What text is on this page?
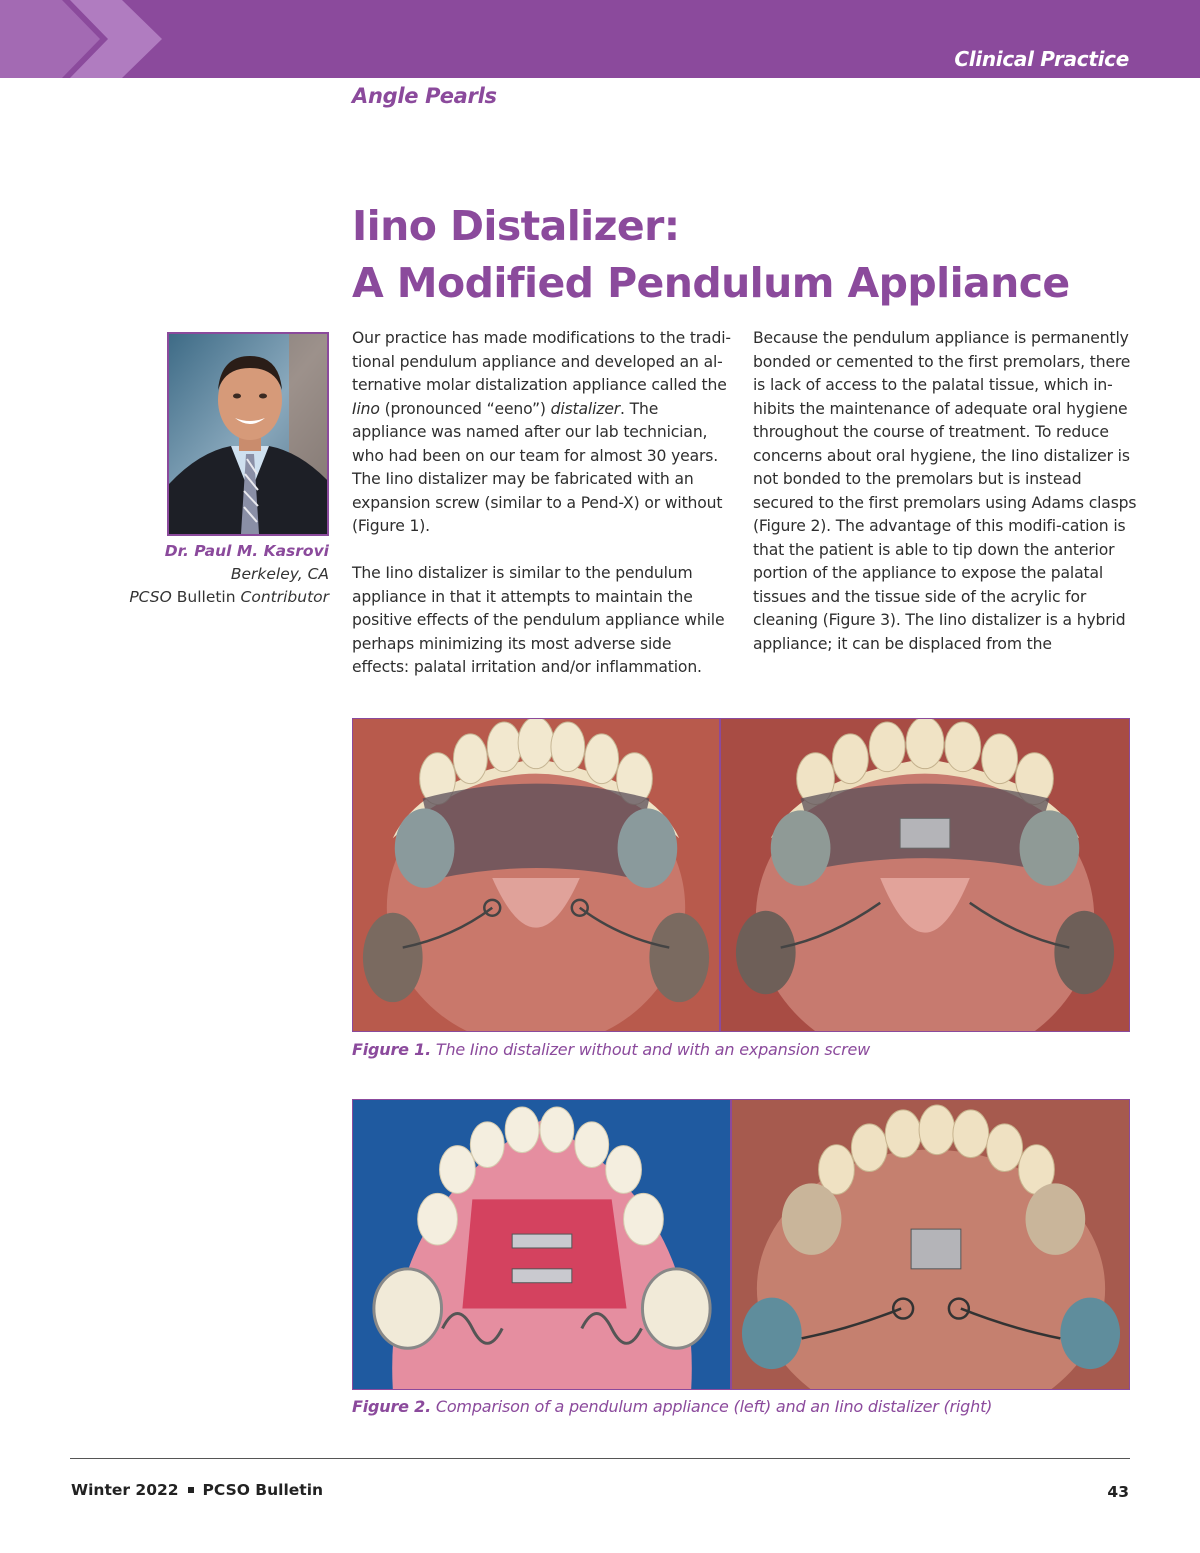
Clinical Practice
Angle Pearls
Iino Distalizer:
A Modified Pendulum Appliance
Dr. Paul M. Kasrovi
Berkeley, CA
PCSO Bulletin Contributor

Our practice has made modifications to the tradi-tional pendulum appliance and developed an al-ternative molar distalization appliance called the Iino (pronounced “eeno”) distalizer. The appliance was named after our lab technician, who had been on our team for almost 30 years. The Iino distalizer may be fabricated with an expansion screw (similar to a Pend-X) or without (Figure 1).

The Iino distalizer is similar to the pendulum appliance in that it attempts to maintain the positive effects of the pendulum appliance while perhaps minimizing its most adverse side effects: palatal irritation and/or inflammation.

Because the pendulum appliance is permanently bonded or cemented to the first premolars, there is lack of access to the palatal tissue, which in-hibits the maintenance of adequate oral hygiene throughout the course of treatment. To reduce concerns about oral hygiene, the Iino distalizer is not bonded to the premolars but is instead secured to the first premolars using Adams clasps (Figure 2). The advantage of this modifi-cation is that the patient is able to tip down the anterior portion of the appliance to expose the palatal tissues and the tissue side of the acrylic for cleaning (Figure 3). The Iino distalizer is a hybrid appliance; it can be displaced from the

Figure 1. The Iino distalizer without and with an expansion screw
Figure 2. Comparison of a pendulum appliance (left) and an Iino distalizer (right)
Winter 2022 PCSO Bulletin	43
